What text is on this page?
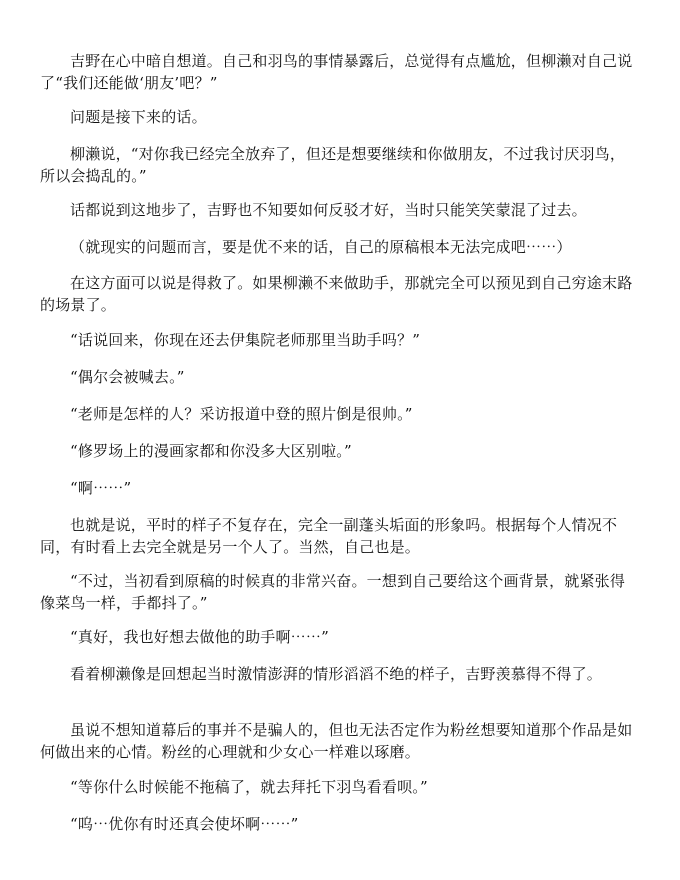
吉野在心中暗自想道。自己和羽鸟的事情暴露后，总觉得有点尴尬，但柳濑对自己说了“我们还能做‘朋友’吧？”

问题是接下来的话。

柳濑说，“对你我已经完全放弃了，但还是想要继续和你做朋友，不过我讨厌羽鸟，所以会捣乱的。”

话都说到这地步了，吉野也不知要如何反驳才好，当时只能笑笑蒙混了过去。

（就现实的问题而言，要是优不来的话，自己的原稿根本无法完成吧⋯⋯）

在这方面可以说是得救了。如果柳濑不来做助手，那就完全可以预见到自己穷途末路的场景了。

“话说回来，你现在还去伊集院老师那里当助手吗？”

“偶尔会被喊去。”

“老师是怎样的人？采访报道中登的照片倒是很帅。”

“修罗场上的漫画家都和你没多大区别啦。”

“啊⋯⋯”

也就是说，平时的样子不复存在，完全一副蓬头垢面的形象吗。根据每个人情况不同，有时看上去完全就是另一个人了。当然，自己也是。

“不过，当初看到原稿的时候真的非常兴奋。一想到自己要给这个画背景，就紧张得像菜鸟一样，手都抖了。”

“真好，我也好想去做他的助手啊⋯⋯”

看着柳濑像是回想起当时激情澎湃的情形滔滔不绝的样子，吉野羡慕得不得了。

虽说不想知道幕后的事并不是骗人的，但也无法否定作为粉丝想要知道那个作品是如何做出来的心情。粉丝的心理就和少女心一样难以琢磨。

“等你什么时候能不拖稿了，就去拜托下羽鸟看看呗。”

“呜⋯优你有时还真会使坏啊⋯⋯”
